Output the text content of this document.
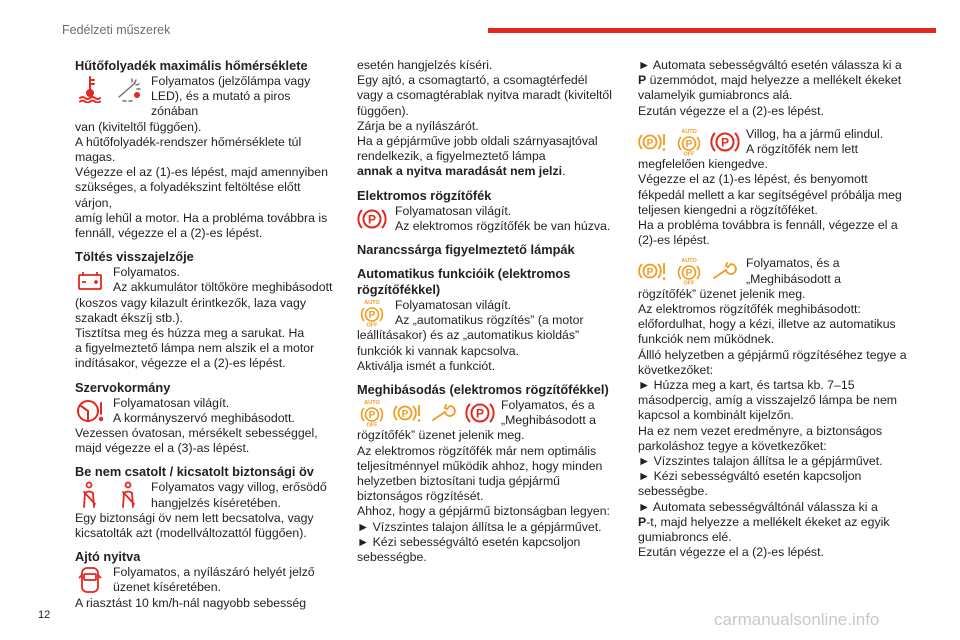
Fedélzeti műszerek
Hűtőfolyadék maximális hőmérséklete

Folyamatos (jelzőlámpa vagy

LED), és a mutató a piros zónában

van (kiviteltől függően).

A hűtőfolyadék-rendszer hőmérséklete túl

magas.

Végezze el az (1)-es lépést, majd amennyiben

szükséges, a folyadékszint feltöltése előtt várjon,

amíg lehűl a motor. Ha a probléma továbbra is

fennáll, végezze el a (2)-es lépést.

Töltés visszajelzője

Folyamatos.

Az akkumulátor töltőköre meghibásodott

(koszos vagy kilazult érintkezők, laza vagy

szakadt ékszíj stb.).

Tisztítsa meg és húzza meg a sarukat. Ha

a figyelmeztető lámpa nem alszik el a motor

indításakor, végezze el a (2)-es lépést.

Szervokormány

Folyamatosan világít.

A kormányszervó meghibásodott.

Vezessen óvatosan, mérsékelt sebességgel,

majd végezze el a (3)-as lépést.

Be nem csatolt / kicsatolt biztonsági öv

Folyamatos vagy villog, erősödő

hangjelzés kíséretében.

Egy biztonsági öv nem lett becsatolva, vagy

kicsatolták azt (modellváltozattól függően).

Ajtó nyitva

Folyamatos, a nyílászáró helyét jelző

üzenet kíséretében.

A riasztást 10 km/h-nál nagyobb sebesség

esetén hangjelzés kíséri.

Egy ajtó, a csomagtartó, a csomagtérfedél

vagy a csomagtérablak nyitva maradt (kiviteltől

függően).

Zárja be a nyílászárót.

Ha a gépjárműve jobb oldali szárnyasajtóval

rendelkezik, a figyelmeztető lámpa

annak a nyitva maradását nem jelzi.

Elektromos rögzítőfék
P

Folyamatosan világít.

Az elektromos rögzítőfék be van húzva.

Narancssárga figyelmeztető lámpák
Automatikus funkcióik (elektromos rögzítőfékkel)
AUTO
OFF
P

Folyamatosan világít.

Az „automatikus rögzítés” (a motor

leállításakor) és az „automatikus kioldás”

funkciók ki vannak kapcsolva.

Aktiválja ismét a funkciót.

Meghibásodás (elektromos rögzítőfékkel)
AUTO
OFF
P	P	P

Folyamatos, és a

„Meghibásodott a

rögzítőfék” üzenet jelenik meg.

Az elektromos rögzítőfék már nem optimális

teljesítménnyel működik ahhoz, hogy minden

helyzetben biztosítani tudja gépjármű

biztonságos rögzítését.

Ahhoz, hogy a gépjármű biztonságban legyen:

► Vízszintes talajon állítsa le a gépjárművet.

► Kézi sebességváltó esetén kapcsoljon

sebességbe.

► Automata sebességváltó esetén válassza ki a

P üzemmódot, majd helyezze a mellékelt ékeket

valamelyik gumiabroncs alá.

Ezután végezze el a (2)-es lépést.

P
AUTO
OFF
P P

Villog, ha a jármű elindul.

A rögzítőfék nem lett

megfelelően kiengedve.

Végezze el az (1)-es lépést, és benyomott

fékpedál mellett a kar segítségével próbálja meg

teljesen kiengedni a rögzítőféket.

Ha a probléma továbbra is fennáll, végezze el a

(2)-es lépést.

P
AUTO
OFF
P

Folyamatos, és a

„Meghibásodott a

rögzítőfék” üzenet jelenik meg.

Az elektromos rögzítőfék meghibásodott:

előfordulhat, hogy a kézi, illetve az automatikus

funkciók nem működnek.

Állló helyzetben a gépjármű rögzítéséhez tegye a

következőket:

► Húzza meg a kart, és tartsa kb. 7–15

másodpercig, amíg a visszajelző lámpa be nem

kapcsol a kombinált kijelzőn.

Ha ez nem vezet eredményre, a biztonságos

parkoláshoz tegye a következőket:

► Vízszintes talajon állítsa le a gépjárművet.

► Kézi sebességváltó esetén kapcsoljon

sebességbe.

► Automata sebességváltónál válassza ki a

P-t, majd helyezze a mellékelt ékeket az egyik

gumiabroncs elé.

Ezután végezze el a (2)-es lépést.

12	carmanualsonline.info
